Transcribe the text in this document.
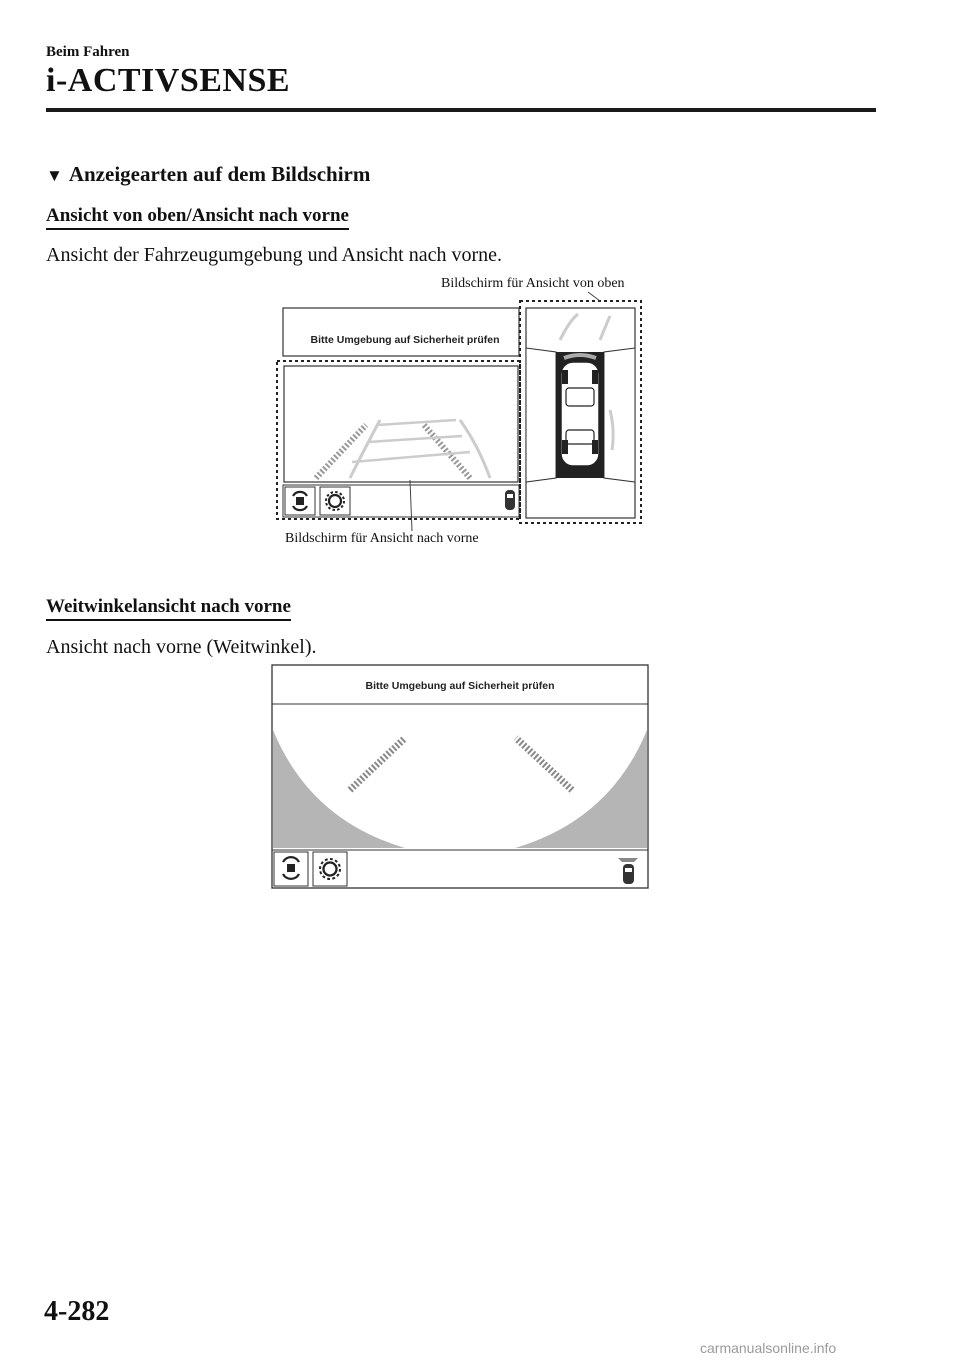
Beim Fahren
i-ACTIVSENSE
▼ Anzeigearten auf dem Bildschirm
Ansicht von oben/Ansicht nach vorne
Ansicht der Fahrzeugumgebung und Ansicht nach vorne.
Bildschirm für Ansicht von oben
Bildschirm für Ansicht nach vorne
Bitte Umgebung auf Sicherheit prüfen
Weitwinkelansicht nach vorne
Ansicht nach vorne (Weitwinkel).
Bitte Umgebung auf Sicherheit prüfen
4-282
carmanualsonline.info
